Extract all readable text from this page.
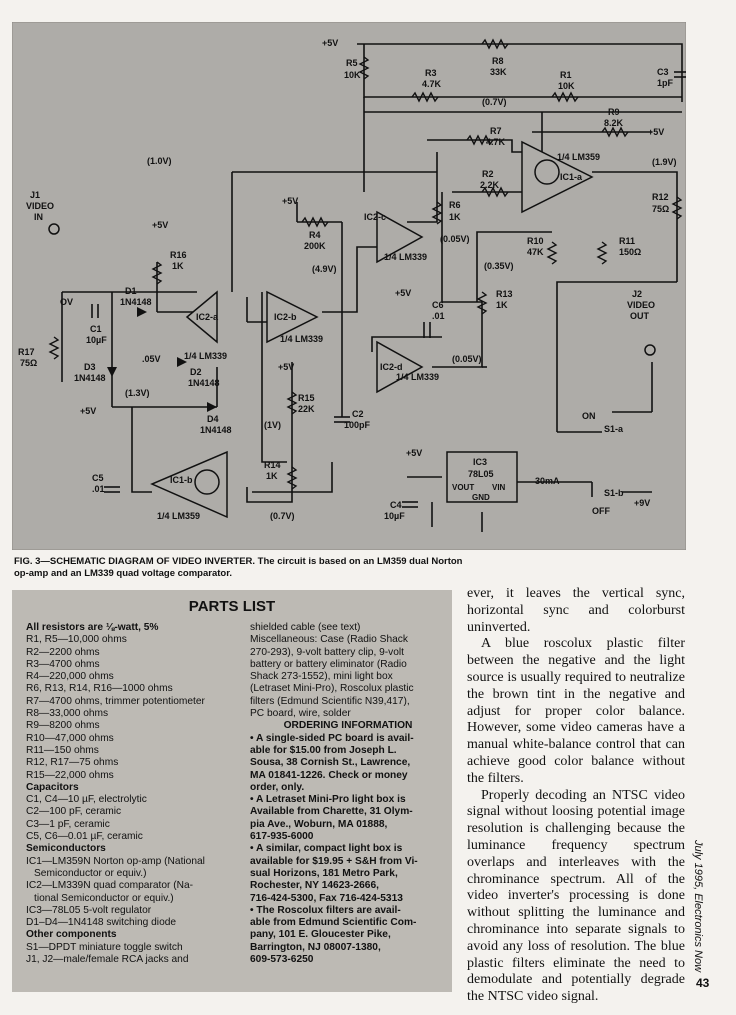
+5V
R5
10K
R8
33K
R3
4.7K
R1
10K
C3
1pF
R9
8.2K
+5V
R7
4.7K
R2
2.2K
R6
1K
1/4 LM359
IC1-a
(0.7V)
(1.9V)
R12
75Ω
R10
47K
R11
150Ω
(1.0V)
J1
VIDEO
IN
+5V
R4
200K
(4.9V)
IC2-c
1/4 LM339
(0.05V)
(0.35V)
+5V
R16
1K
D1
1N4148
IC2-a
1/4 LM339
IC2-b
1/4 LM339
+5V
C6
.01
R13
1K
IC2-d
1/4 LM339
(0.05V)
J2
VIDEO
OUT
OV
C1
10µF
R17
75Ω	.05V
D2
1N4148
D3
1N4148
(1.3V)
D4
1N4148
+5V
R15
22K	C2
100pF
(1V)
+5V
C5
.01
IC1-b
1/4 LM359
R14
1K
(0.7V)
ON
S1-a
S1-b
OFF
+9V
+5V
IC3
78L05
VOUT VIN
GND
30mA
C4
10µF
FIG. 3—SCHEMATIC DIAGRAM OF VIDEO INVERTER. The circuit is based on an LM359 dual Norton op-amp and an LM339 quad voltage comparator.
PARTS LIST
All resistors are ⅛-watt, 5%
R1, R5—10,000 ohms
R2—2200 ohms
R3—4700 ohms
R4—220,000 ohms
R6, R13, R14, R16—1000 ohms
R7—4700 ohms, trimmer potentiometer
R8—33,000 ohms
R9—8200 ohms
R10—47,000 ohms
R11—150 ohms
R12, R17—75 ohms
R15—22,000 ohms
Capacitors
C1, C4—10 µF, electrolytic
C2—100 pF, ceramic
C3—1 pF, ceramic
C5, C6—0.01 µF, ceramic
Semiconductors
IC1—LM359N Norton op-amp (National
Semiconductor or equiv.)
IC2—LM339N quad comparator (Na-
tional Semiconductor or equiv.)
IC3—78L05 5-volt regulator
D1–D4—1N4148 switching diode
Other components
S1—DPDT miniature toggle switch
J1, J2—male/female RCA jacks and
shielded cable (see text)
Miscellaneous: Case (Radio Shack
270-293), 9-volt battery clip, 9-volt
battery or battery eliminator (Radio
Shack 273-1552), mini light box
(Letraset Mini-Pro), Roscolux plastic
filters (Edmund Scientific N39,417),
PC board, wire, solder
ORDERING INFORMATION
• A single-sided PC board is avail-
able for $15.00 from Joseph L.
Sousa, 38 Cornish St., Lawrence,
MA 01841-1226. Check or money
order, only.
• A Letraset Mini-Pro light box is
Available from Charette, 31 Olym-
pia Ave., Woburn, MA 01888,
617-935-6000
• A similar, compact light box is
available for $19.95 + S&H from Vi-
sual Horizons, 181 Metro Park,
Rochester, NY 14623-2666,
716-424-5300, Fax 716-424-5313
• The Roscolux filters are avail-
able from Edmund Scientific Com-
pany, 101 E. Gloucester Pike,
Barrington, NJ 08007-1380,
609-573-6250

ever, it leaves the vertical sync, horizontal sync and colorburst uninverted.

A blue roscolux plastic filter between the negative and the light source is usually required to neutralize the brown tint in the negative and adjust for proper color balance. However, some video cameras have a manual white-balance control that can achieve good color balance without the filters.

Properly decoding an NTSC video signal without loosing potential image resolution is challenging because the luminance frequency spectrum overlaps and interleaves with the chrominance spectrum. All of the video inverter's processing is done without splitting the luminance and chrominance into separate signals to avoid any loss of resolution. The blue plastic filters eliminate the need to demodulate and potentially degrade the NTSC video signal.

July 1995, Electronics Now
43
